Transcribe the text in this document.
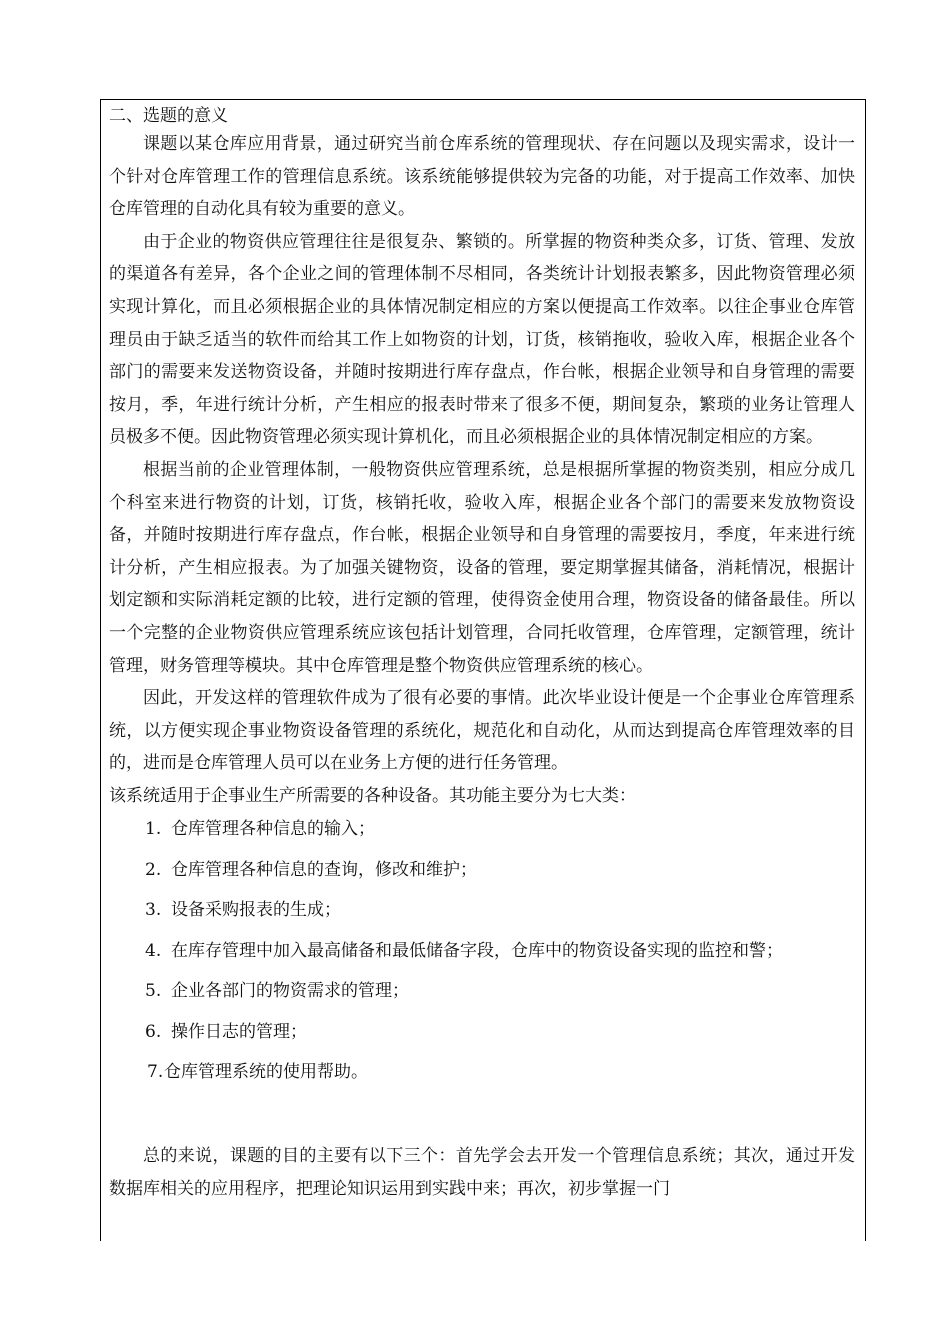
二、选题的意义

课题以某仓库应用背景，通过研究当前仓库系统的管理现状、存在问题以及现实需求，设计一个针对仓库管理工作的管理信息系统。该系统能够提供较为完备的功能，对于提高工作效率、加快仓库管理的自动化具有较为重要的意义。

由于企业的物资供应管理往往是很复杂、繁锁的。所掌握的物资种类众多，订货、管理、发放的渠道各有差异，各个企业之间的管理体制不尽相同，各类统计计划报表繁多，因此物资管理必须实现计算化，而且必须根据企业的具体情况制定相应的方案以便提高工作效率。以往企事业仓库管理员由于缺乏适当的软件而给其工作上如物资的计划，订货，核销拖收，验收入库，根据企业各个部门的需要来发送物资设备，并随时按期进行库存盘点，作台帐，根据企业领导和自身管理的需要按月，季，年进行统计分析，产生相应的报表时带来了很多不便，期间复杂，繁琐的业务让管理人员极多不便。因此物资管理必须实现计算机化，而且必须根据企业的具体情况制定相应的方案。

根据当前的企业管理体制，一般物资供应管理系统，总是根据所掌握的物资类别，相应分成几个科室来进行物资的计划，订货，核销托收，验收入库，根据企业各个部门的需要来发放物资设备，并随时按期进行库存盘点，作台帐，根据企业领导和自身管理的需要按月，季度，年来进行统计分析，产生相应报表。为了加强关键物资，设备的管理，要定期掌握其储备，消耗情况，根据计划定额和实际消耗定额的比较，进行定额的管理，使得资金使用合理，物资设备的储备最佳。所以一个完整的企业物资供应管理系统应该包括计划管理，合同托收管理，仓库管理，定额管理，统计管理，财务管理等模块。其中仓库管理是整个物资供应管理系统的核心。

因此，开发这样的管理软件成为了很有必要的事情。此次毕业设计便是一个企事业仓库管理系统，以方便实现企事业物资设备管理的系统化，规范化和自动化，从而达到提高仓库管理效率的目的，进而是仓库管理人员可以在业务上方便的进行任务管理。

该系统适用于企事业生产所需要的各种设备。其功能主要分为七大类：

1. 仓库管理各种信息的输入；
2. 仓库管理各种信息的查询，修改和维护；
3. 设备采购报表的生成；
4. 在库存管理中加入最高储备和最低储备字段，仓库中的物资设备实现的监控和警；
5. 企业各部门的物资需求的管理；
6. 操作日志的管理；
7. 仓库管理系统的使用帮助。

总的来说，课题的目的主要有以下三个：首先学会去开发一个管理信息系统；其次，通过开发数据库相关的应用程序，把理论知识运用到实践中来；再次，初步掌握一门
